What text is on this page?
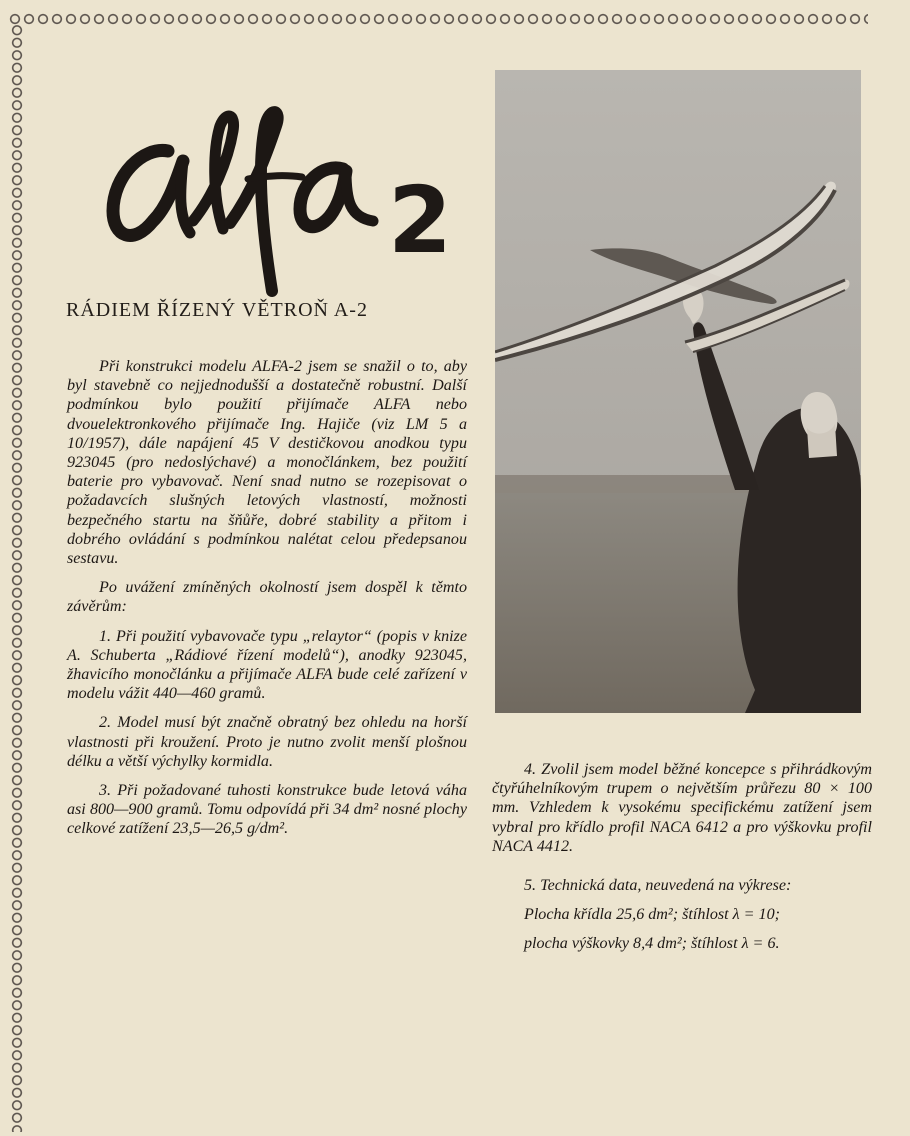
2
RÁDIEM ŘÍZENÝ VĚTROŇ A-2

Při konstrukci modelu ALFA-2 jsem se snažil o to, aby byl stavebně co nejjednodušší a dostatečně robustní. Další podmínkou bylo použití přijímače ALFA nebo dvouelektronkového přijímače Ing. Hajiče (viz LM 5 a 10/1957), dále napájení 45 V destičkovou anodkou typu 923045 (pro nedoslýchavé) a monočlánkem, bez použití baterie pro vybavovač. Není snad nutno se rozepisovat o požadavcích slušných letových vlastností, možnosti bezpečného startu na šňůře, dobré stability a přitom i dobrého ovládání s podmínkou nalétat celou předepsanou sestavu.

Po uvážení zmíněných okolností jsem dospěl k těmto závěrům:

1. Při použití vybavovače typu „relaytor“ (popis v knize A. Schuberta „Rádiové řízení modelů“), anodky 923045, žhavicího monočlánku a přijímače ALFA bude celé zařízení v modelu vážit 440—460 gramů.

2. Model musí být značně obratný bez ohledu na horší vlastnosti při kroužení. Proto je nutno zvolit menší plošnou délku a větší výchylky kormidla.

3. Při požadované tuhosti konstrukce bude letová váha asi 800—900 gramů. Tomu odpovídá při 34 dm² nosné plochy celkové zatížení 23,5—26,5 g/dm².

4. Zvolil jsem model běžné koncepce s přihrádkovým čtyřúhelníkovým trupem o největším průřezu 80 × 100 mm. Vzhledem k vysokému specifickému zatížení jsem vybral pro křídlo profil NACA 6412 a pro výškovku profil NACA 4412.

5. Technická data, neuvedená na výkrese:

Plocha křídla 25,6 dm²; štíhlost λ = 10;

plocha výškovky 8,4 dm²; štíhlost λ = 6.
